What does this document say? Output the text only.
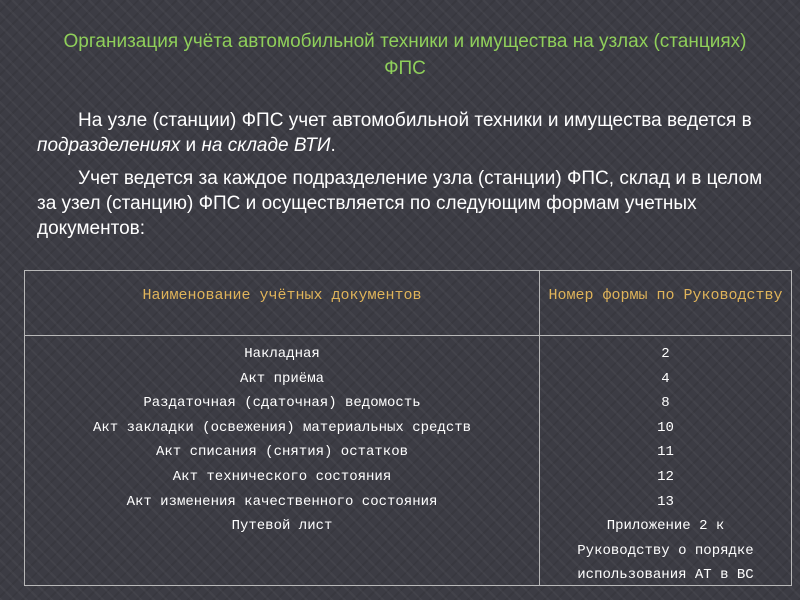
Организация учёта автомобильной техники и имущества на узлах (станциях) ФПС

На узле (станции) ФПС учет автомобильной техники и имущества ведется в подразделениях и на складе ВТИ.

Учет ведется за каждое подразделение узла (станции) ФПС, склад и в целом за узел (станцию) ФПС и осуществляется по следующим формам учетных документов:

Наименование учётных документов	Номер формы по Руководству
Накладная
Акт приёма
Раздаточная (сдаточная) ведомость
Акт закладки (освежения) материальных средств
Акт списания (снятия) остатков
Акт технического состояния
Акт изменения качественного состояния
Путевой лист
2
4
8
10
11
12
13
Приложение 2 к
Руководству о порядке
использования АТ в ВС
